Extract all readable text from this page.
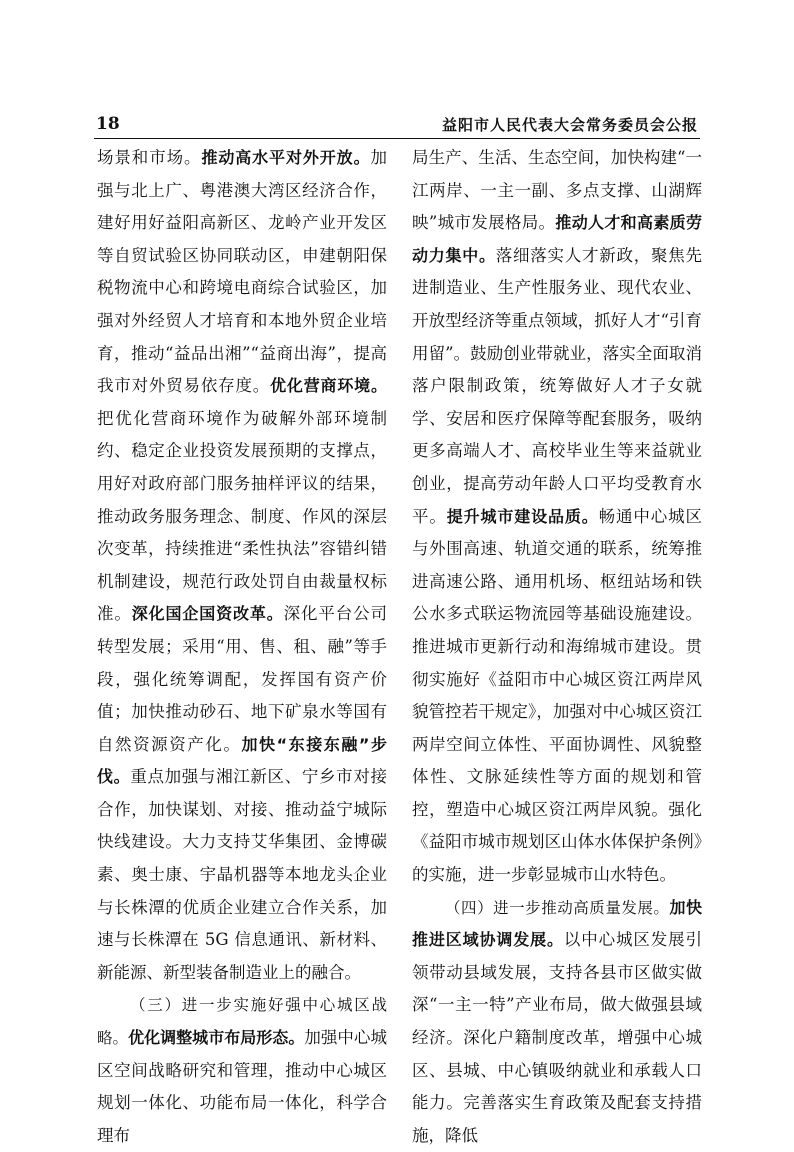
18	益阳市人民代表大会常务委员会公报

场景和市场。推动高水平对外开放。加强与北上广、粤港澳大湾区经济合作，建好用好益阳高新区、龙岭产业开发区等自贸试验区协同联动区，申建朝阳保税物流中心和跨境电商综合试验区，加强对外经贸人才培育和本地外贸企业培育，推动“益品出湘”“益商出海”，提高我市对外贸易依存度。优化营商环境。把优化营商环境作为破解外部环境制约、稳定企业投资发展预期的支撑点，用好对政府部门服务抽样评议的结果，推动政务服务理念、制度、作风的深层次变革，持续推进“柔性执法”容错纠错机制建设，规范行政处罚自由裁量权标准。深化国企国资改革。深化平台公司转型发展；采用“用、售、租、融”等手段，强化统筹调配，发挥国有资产价值；加快推动砂石、地下矿泉水等国有自然资源资产化。加快“东接东融”步伐。重点加强与湘江新区、宁乡市对接合作，加快谋划、对接、推动益宁城际快线建设。大力支持艾华集团、金博碳素、奥士康、宇晶机器等本地龙头企业与长株潭的优质企业建立合作关系，加速与长株潭在 5G 信息通讯、新材料、新能源、新型装备制造业上的融合。

（三）进一步实施好强中心城区战略。优化调整城市布局形态。加强中心城区空间战略研究和管理，推动中心城区规划一体化、功能布局一体化，科学合理布

局生产、生活、生态空间，加快构建“一江两岸、一主一副、多点支撑、山湖辉映”城市发展格局。推动人才和高素质劳动力集中。落细落实人才新政，聚焦先进制造业、生产性服务业、现代农业、开放型经济等重点领域，抓好人才“引育用留”。鼓励创业带就业，落实全面取消落户限制政策，统筹做好人才子女就学、安居和医疗保障等配套服务，吸纳更多高端人才、高校毕业生等来益就业创业，提高劳动年龄人口平均受教育水平。提升城市建设品质。畅通中心城区与外围高速、轨道交通的联系，统筹推进高速公路、通用机场、枢纽站场和铁公水多式联运物流园等基础设施建设。推进城市更新行动和海绵城市建设。贯彻实施好《益阳市中心城区资江两岸风貌管控若干规定》，加强对中心城区资江两岸空间立体性、平面协调性、风貌整体性、文脉延续性等方面的规划和管控，塑造中心城区资江两岸风貌。强化《益阳市城市规划区山体水体保护条例》的实施，进一步彰显城市山水特色。

（四）进一步推动高质量发展。加快推进区域协调发展。以中心城区发展引领带动县域发展，支持各县市区做实做深“一主一特”产业布局，做大做强县域经济。深化户籍制度改革，增强中心城区、县城、中心镇吸纳就业和承载人口能力。完善落实生育政策及配套支持措施，降低
